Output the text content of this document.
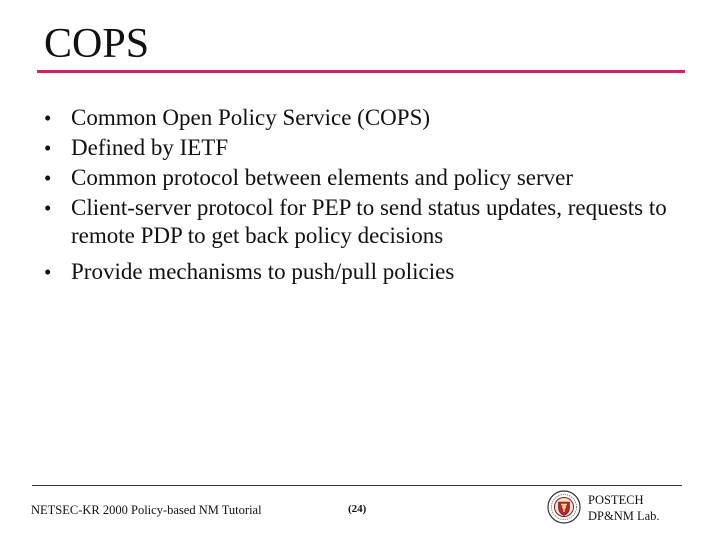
COPS
• Common Open Policy Service (COPS)
• Defined by IETF
• Common protocol between elements and policy server
• Client-server protocol for PEP to send status updates, requests to remote PDP to get back policy decisions
• Provide mechanisms to push/pull policies
NETSEC-KR 2000 Policy-based NM Tutorial	(24)
POSTECH
DP&NM Lab.
